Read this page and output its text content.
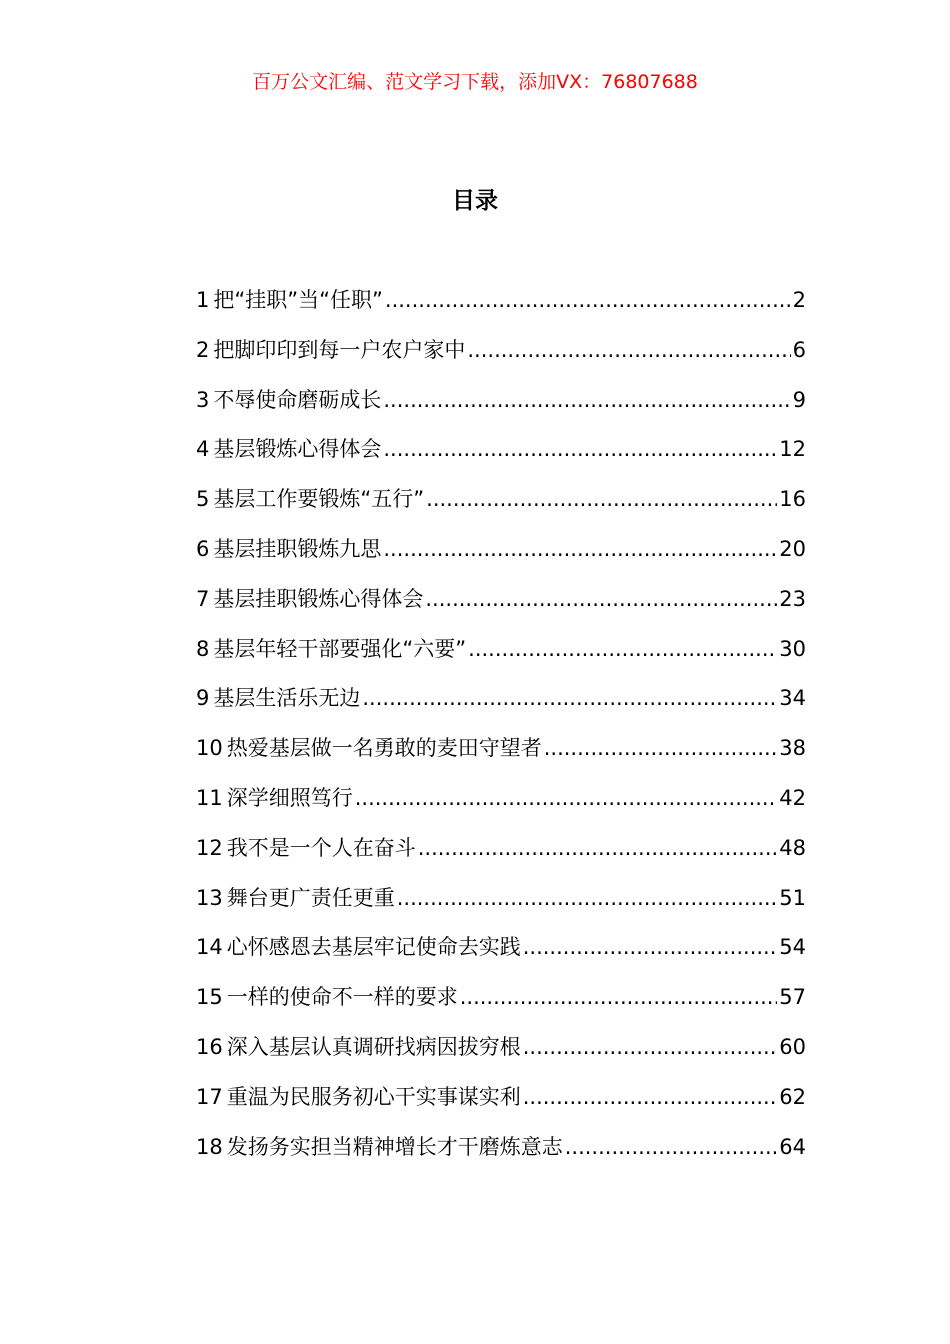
百万公文汇编、范文学习下载，添加VX：76807688
目录
1 把“挂职”当“任职” .....	2
2 把脚印印到每一户农户家中 .....	6
3 不辱使命磨砺成长 .....	9
4 基层锻炼心得体会 .....	12
5 基层工作要锻炼“五行” .....	16
6 基层挂职锻炼九思 .....	20
7 基层挂职锻炼心得体会 .....	23
8 基层年轻干部要强化“六要” .....	30
9 基层生活乐无边 .....	34
10 热爱基层做一名勇敢的麦田守望者 .....	38
11 深学细照笃行 .....	42
12 我不是一个人在奋斗 .....	48
13 舞台更广责任更重 .....	51
14 心怀感恩去基层牢记使命去实践 .....	54
15 一样的使命不一样的要求 .....	57
16 深入基层认真调研找病因拔穷根 .....	60
17 重温为民服务初心干实事谋实利 .....	62
18 发扬务实担当精神增长才干磨炼意志 .....	64
